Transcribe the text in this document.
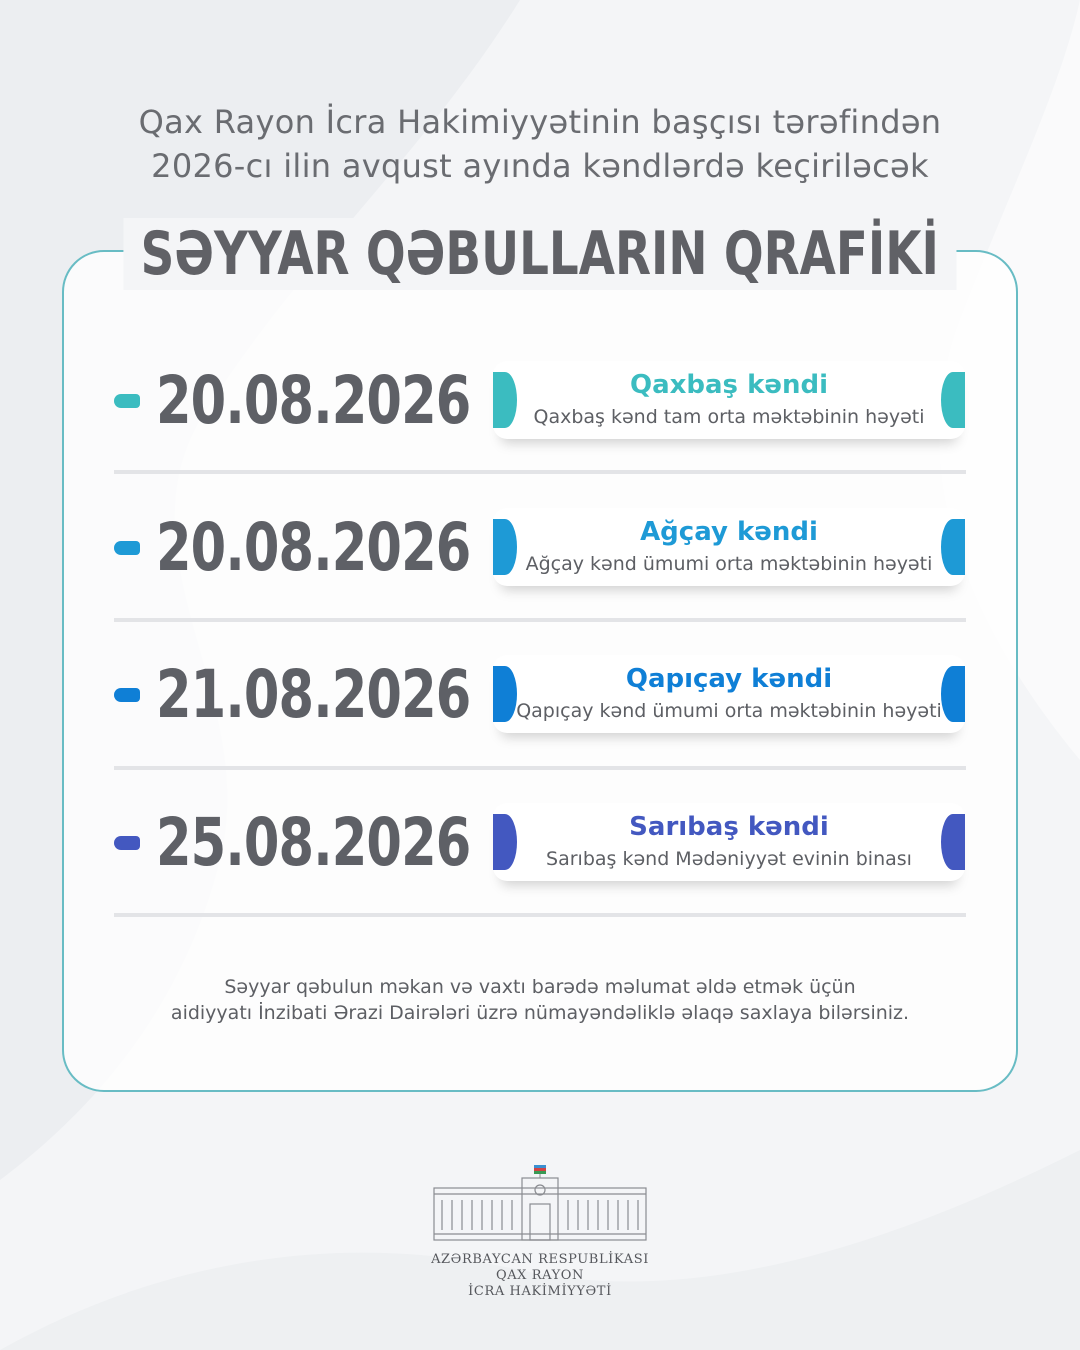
Qax Rayon İcra Hakimiyyətinin başçısı tərəfindən
2026-cı ilin avqust ayında kəndlərdə keçiriləcək
SƏYYAR QƏBULLARIN QRAFİKİ
20.08.2026	Qaxbaş kəndi
Qaxbaş kənd tam orta məktəbinin həyəti
20.08.2026	Ağçay kəndi
Ağçay kənd ümumi orta məktəbinin həyəti
21.08.2026	Qapıçay kəndi
Qapıçay kənd ümumi orta məktəbinin həyəti
25.08.2026	Sarıbaş kəndi
Sarıbaş kənd Mədəniyyət evinin binası
Səyyar qəbulun məkan və vaxtı barədə məlumat əldə etmək üçün
aidiyyatı İnzibati Ərazi Dairələri üzrə nümayəndəliklə əlaqə saxlaya bilərsiniz.
AZƏRBAYCAN RESPUBLİKASI
QAX RAYON
İCRA HAKİMİYYƏTİ
